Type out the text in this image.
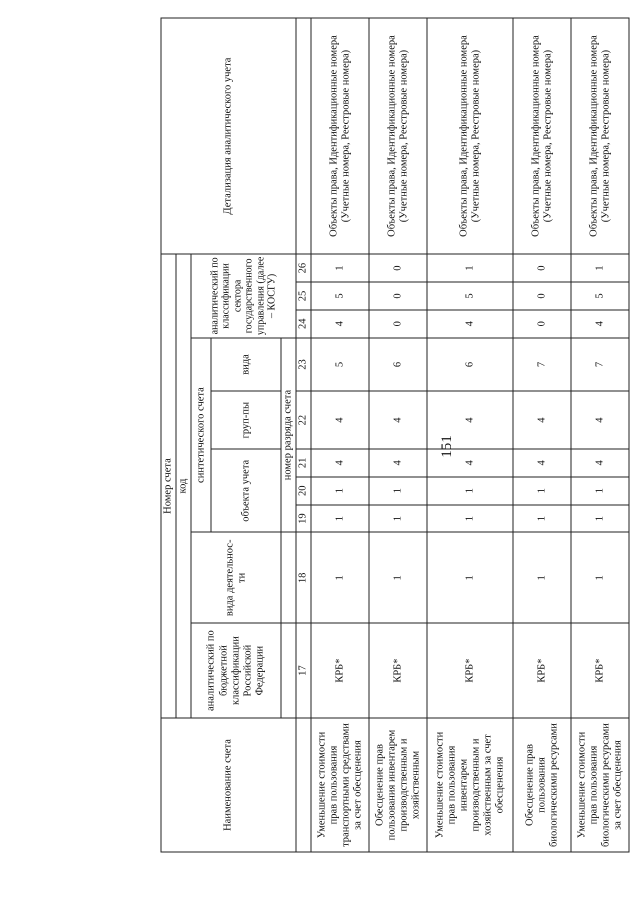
151
Наименование счета	Номер счета										Детализация аналитического учета
	код										
	аналитический по бюджетной классификации Российской Федерации	вида деятельнос-ти	синтетического счета					аналитический по классификации сектора государственного управления (далее – КОСГУ)			
			объекта учета			груп-пы	вида				
			номер разряда счета								
	17	18	19	20	21	22	23	24	25	26	
Уменьшение стоимости прав пользования транспортными средствами за счет обесценения	КРБ*	1	1	1	4	4	5	4	5	1	Объекты права, Идентификационные номера (Учетные номера, Реестровые номера)
Обесценение прав пользования инвентарем производственным и хозяйственным	КРБ*	1	1	1	4	4	6	0	0	0	Объекты права, Идентификационные номера (Учетные номера, Реестровые номера)
Уменьшение стоимости прав пользования инвентарем производственным и хозяйственным за счет обесценения	КРБ*	1	1	1	4	4	6	4	5	1	Объекты права, Идентификационные номера (Учетные номера, Реестровые номера)
Обесценение прав пользования биологическими ресурсами	КРБ*	1	1	1	4	4	7	0	0	0	Объекты права, Идентификационные номера (Учетные номера, Реестровые номера)
Уменьшение стоимости прав пользования биологическими ресурсами за счет обесценения	КРБ*	1	1	1	4	4	7	4	5	1	Объекты права, Идентификационные номера (Учетные номера, Реестровые номера)
